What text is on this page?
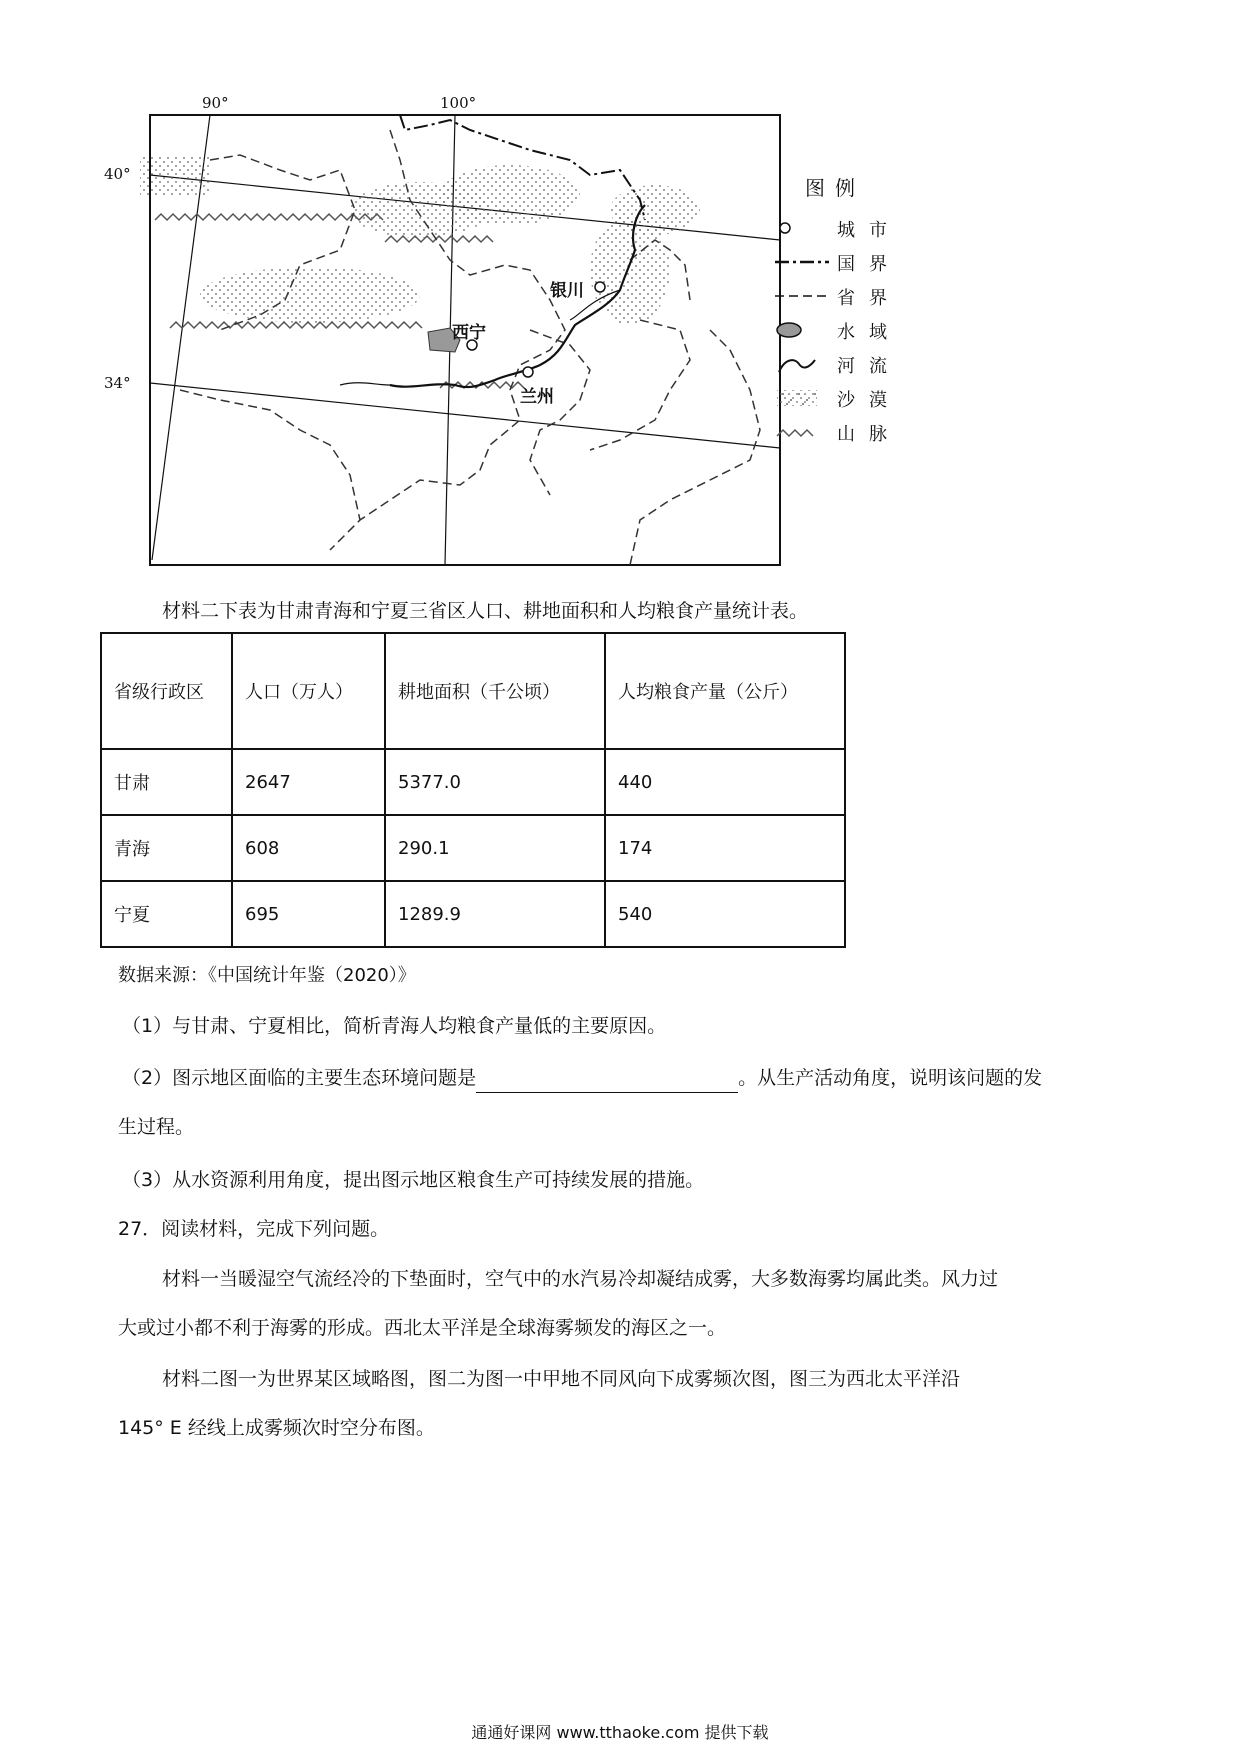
90°	100°
40°
34°
银川
西宁
兰州
图例
城市
国界
省界
水域
河流
沙漠
山脉
材料二下表为甘肃青海和宁夏三省区人口、耕地面积和人均粮食产量统计表。
省级行政区	人口（万人）	耕地面积（千公顷）	人均粮食产量（公斤）
甘肃	2647	5377.0	440
青海	608	290.1	174
宁夏	695	1289.9	540
数据来源：《中国统计年鉴（2020）》
（1）与甘肃、宁夏相比，简析青海人均粮食产量低的主要原因。
（2）图示地区面临的主要生态环境问题是	。从生产活动角度，说明该问题的发
生过程。
（3）从水资源利用角度，提出图示地区粮食生产可持续发展的措施。
27．阅读材料，完成下列问题。
材料一当暖湿空气流经冷的下垫面时，空气中的水汽易冷却凝结成雾，大多数海雾均属此类。风力过
大或过小都不利于海雾的形成。西北太平洋是全球海雾频发的海区之一。
材料二图一为世界某区域略图，图二为图一中甲地不同风向下成雾频次图，图三为西北太平洋沿
145° E 经线上成雾频次时空分布图。
通通好课网 www.tthaoke.com 提供下载
